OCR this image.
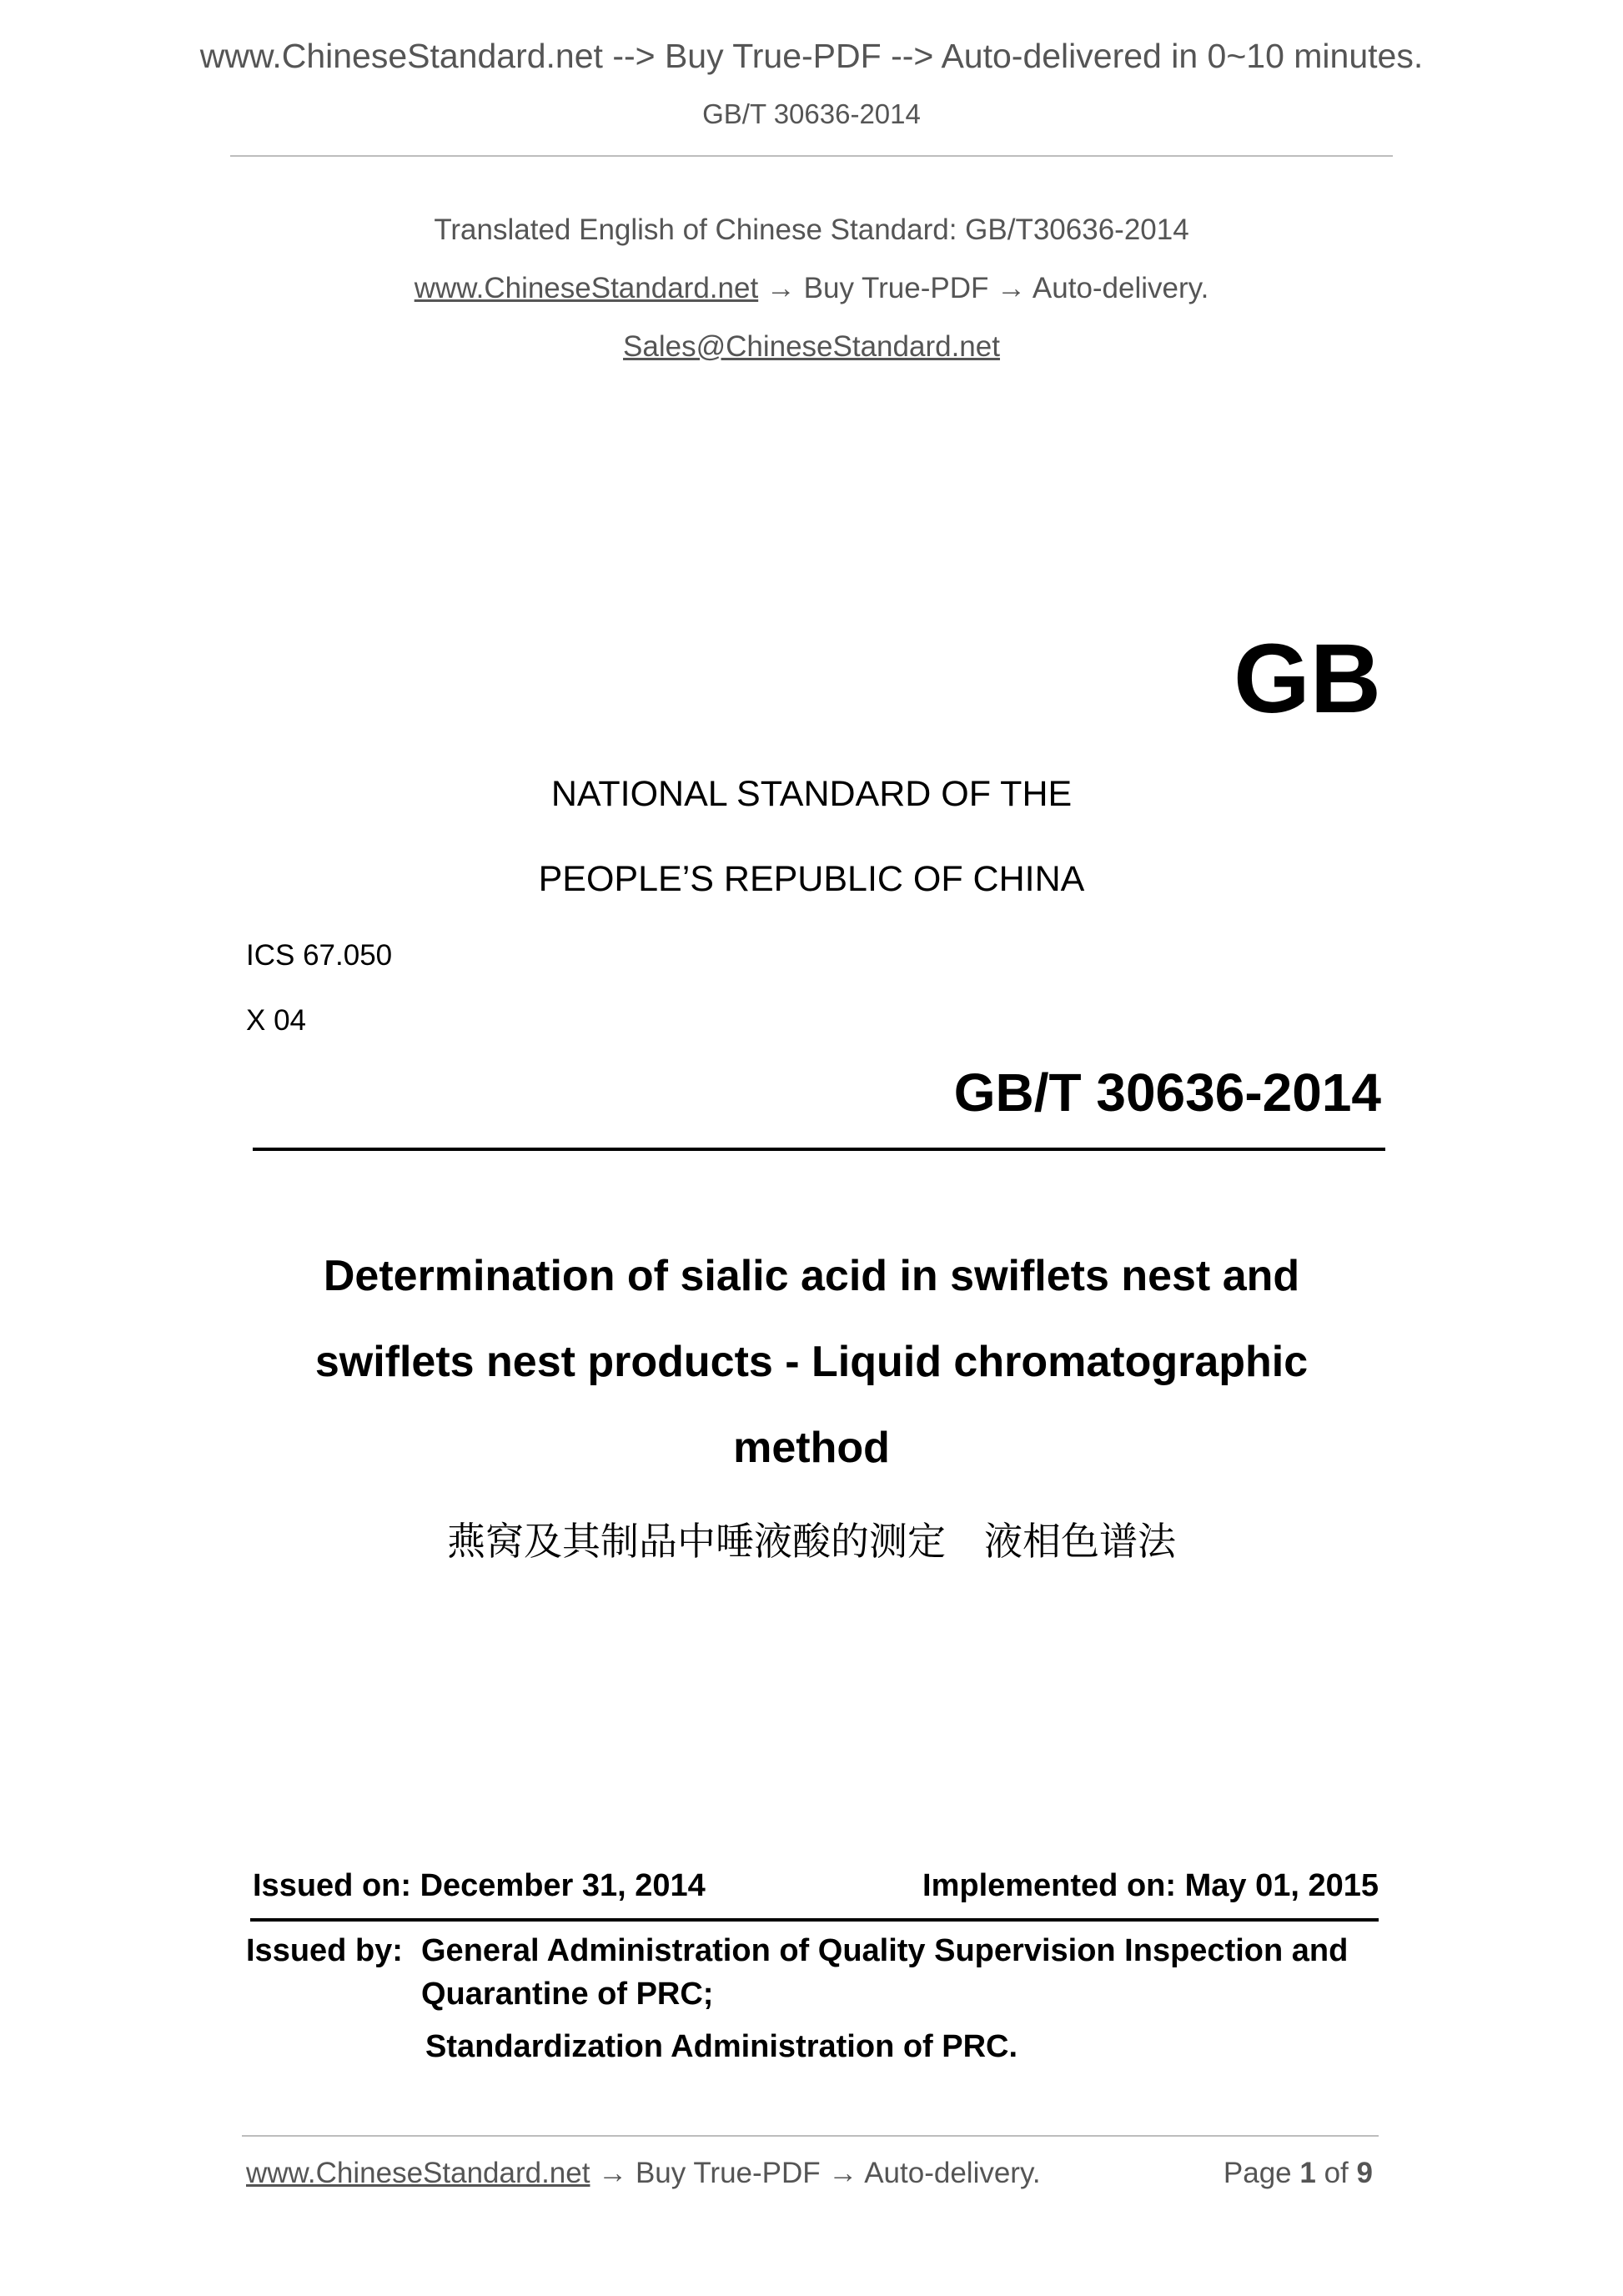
www.ChineseStandard.net --> Buy True-PDF --> Auto-delivered in 0~10 minutes.
GB/T 30636-2014
Translated English of Chinese Standard: GB/T30636-2014
www.ChineseStandard.net → Buy True-PDF → Auto-delivery.
Sales@ChineseStandard.net
GB
NATIONAL STANDARD OF THE
PEOPLE’S REPUBLIC OF CHINA
ICS 67.050
X 04
GB/T 30636-2014
Determination of sialic acid in swiflets nest and
swiflets nest products - Liquid chromatographic
method
燕窝及其制品中唾液酸的测定　液相色谱法
Issued on: December 31, 2014	Implemented on: May 01, 2015
Issued by: General Administration of Quality Supervision Inspection and
Quarantine of PRC;
Standardization Administration of PRC.
www.ChineseStandard.net → Buy True-PDF → Auto-delivery.	Page 1 of 9
